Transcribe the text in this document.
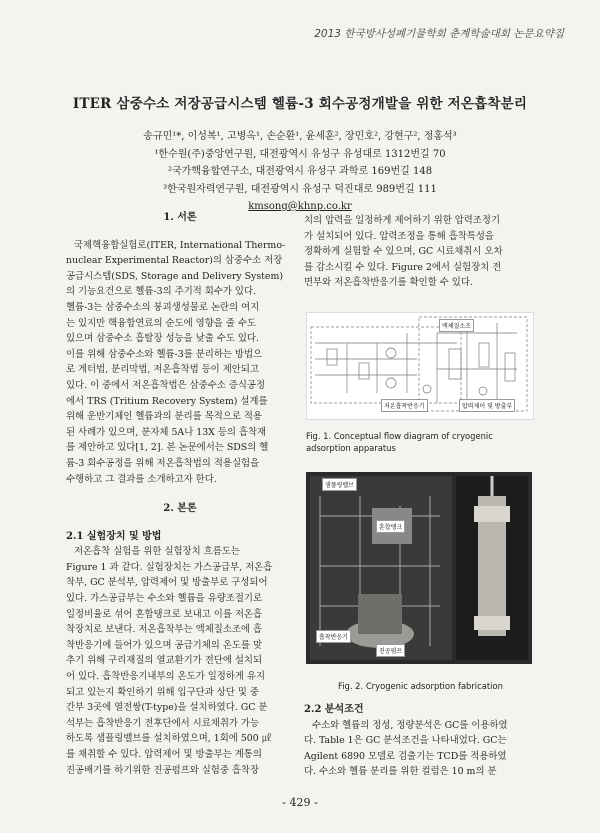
2013 한국방사성폐기물학회 춘계학술대회 논문요약집
ITER 삼중수소 저장공급시스템 헬륨-3 회수공정개발을 위한 저온흡착분리
송규민¹*, 이성복¹, 고병옥¹, 손순환¹, 윤세훈², 장민호², 강현구², 정홍석³
¹한수원(주)중앙연구원, 대전광역시 유성구 유성대로 1312번길 70
²국가핵융합연구소, 대전광역시 유성구 과학로 169번길 148
³한국원자력연구원, 대전광역시 유성구 덕진대로 989번길 111
kmsong@khnp.co.kr
1. 서론
국제핵융합실험로(ITER, International Thermo-
nuclear Experimental Reactor)의 삼중수소 저장
공급시스템(SDS, Storage and Delivery System)
의 기능요건으로 헬륨-3의 주기적 회수가 있다.
헬륨-3는 삼중수소의 붕괴생성물로 논란의 여지
는 있지만 핵융합연료의 순도에 영향을 줄 수도
있으며 삼중수소 흡탈장 성능을 낮출 수도 있다.
이를 위해 삼중수소와 헬륨-3를 분리하는 방법으
로 게터법, 분리막법, 저온흡착법 등이 제안되고
있다. 이 중에서 저온흡착법은 삼중수소 증식공정
에서 TRS (Tritium Recovery System) 설계를
위해 운반기체인 헬륨과의 분리를 목적으로 적용
된 사례가 있으며, 분자체 5A나 13X 등의 흡착재
를 제안하고 있다[1, 2]. 본 논문에서는 SDS의 헬
륨-3 회수공정을 위해 저온흡착법의 적용실험을
수행하고 그 결과를 소개하고자 한다.
2. 본론
2.1 실험장치 및 방법
저온흡착 실험을 위한 실험장치 흐름도는
Figure 1 과 같다. 실험장치는 가스공급부, 저온흡
착부, GC 분석부, 압력제어 및 방출부로 구성되어
있다. 가스공급부는 수소와 헬륨을 유량조절기로
일정비율로 섞어 혼합탱크로 보내고 이를 저온흡
착장치로 보낸다. 저온흡착부는 액체질소조에 흡
착반응기에 들어가 있으며 공급기체의 온도를 맞
추기 위해 구리재질의 열교환기가 전단에 설치되
어 있다. 흡착반응기내부의 온도가 일정하게 유지
되고 있는지 확인하기 위해 입구단과 상단 및 중
간부 3곳에 열전쌍(T-type)을 설치하였다. GC 분
석부는 흡착반응기 전후단에서 시료채취가 가능
하도록 샘플링밸브를 설치하였으며, 1회에 500 ㎕
를 채취할 수 있다. 압력제어 및 방출부는 계통의
진공배기를 하기위한 진공펌프와 실험중 흡착장
치의 압력을 일정하게 제어하기 위한 압력조정기
가 설치되어 있다. 압력조정을 통해 흡착특성을
정확하게 실험할 수 있으며, GC 시료채취시 오차
를 감소시킬 수 있다. Figure 2에서 실험장치 전
면부와 저온흡착반응기를 확인할 수 있다.
저온흡착반응기
액체질소조
압력제어 및 방출부
Fig. 1. Conceptual flow diagram of cryogenic adsorption apparatus
샘플링밸브
혼합탱크
흡착반응기
진공펌프
Fig. 2. Cryogenic adsorption fabrication
2.2 분석조건
수소와 헬륨의 정성, 정량분석은 GC를 이용하였
다. Table 1은 GC 분석조건을 나타내었다. GC는
Agilent 6890 모델로 검출기는 TCD를 적용하였
다. 수소와 헬륨 분리를 위한 컬럼은 10 m의 분
- 429 -
